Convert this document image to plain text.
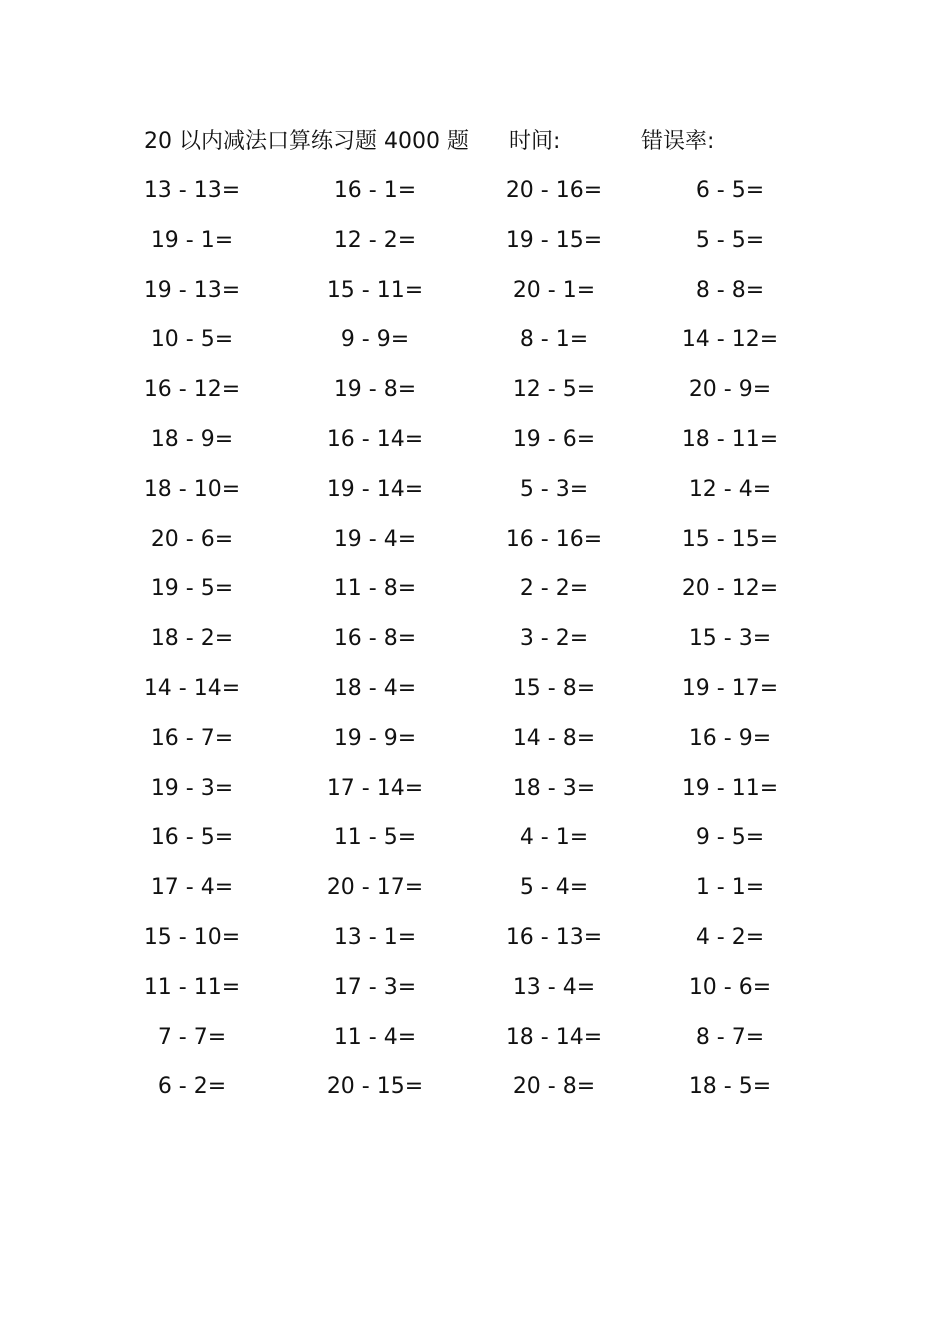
20 以内减法口算练习题 4000 题 时间:	错误率:
13 - 13=	16 - 1=	20 - 16=	6 - 5=
19 - 1=	12 - 2=	19 - 15=	5 - 5=
19 - 13=	15 - 11=	20 - 1=	8 - 8=
10 - 5=	9 - 9=	8 - 1=	14 - 12=
16 - 12=	19 - 8=	12 - 5=	20 - 9=
18 - 9=	16 - 14=	19 - 6=	18 - 11=
18 - 10=	19 - 14=	5 - 3=	12 - 4=
20 - 6=	19 - 4=	16 - 16=	15 - 15=
19 - 5=	11 - 8=	2 - 2=	20 - 12=
18 - 2=	16 - 8=	3 - 2=	15 - 3=
14 - 14=	18 - 4=	15 - 8=	19 - 17=
16 - 7=	19 - 9=	14 - 8=	16 - 9=
19 - 3=	17 - 14=	18 - 3=	19 - 11=
16 - 5=	11 - 5=	4 - 1=	9 - 5=
17 - 4=	20 - 17=	5 - 4=	1 - 1=
15 - 10=	13 - 1=	16 - 13=	4 - 2=
11 - 11=	17 - 3=	13 - 4=	10 - 6=
7 - 7=	11 - 4=	18 - 14=	8 - 7=
6 - 2=	20 - 15=	20 - 8=	18 - 5=
